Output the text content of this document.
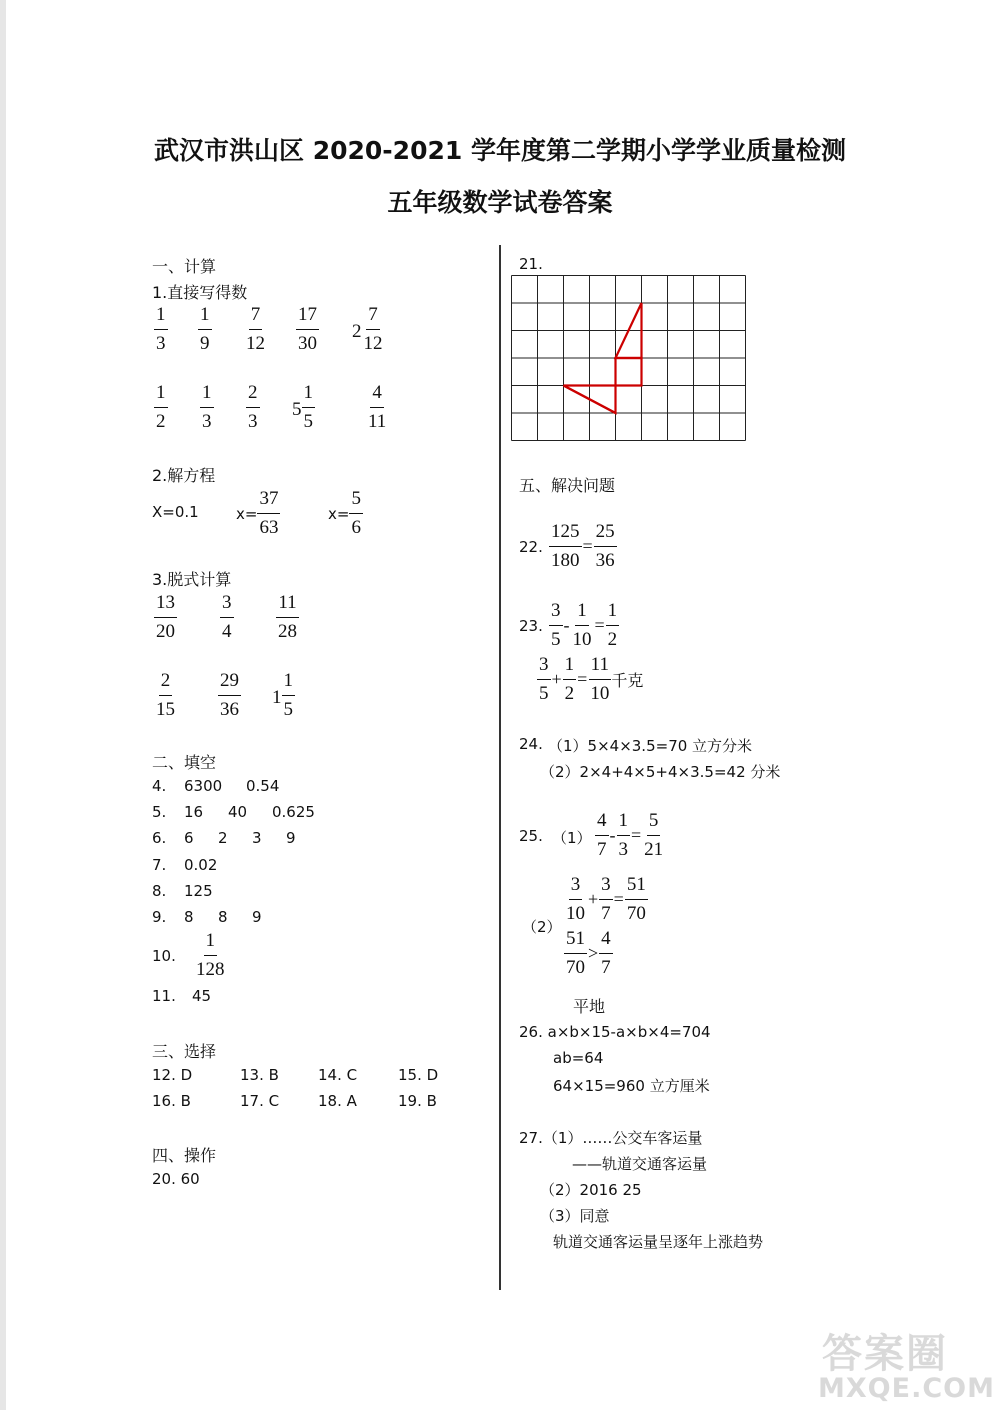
武汉市洪山区 2020-2021 学年度第二学期小学学业质量检测
五年级数学试卷答案
一、计算
1.直接写得数
$\frac{1}{3} \frac{1}{9} \frac{7}{12} \frac{17}{30} 2 \frac{7}{12}$
$\frac{1}{2} \frac{1}{3} \frac{2}{3} 5 \frac{1}{5}$	$\frac{4}{11}$
2.解方程
X=0.1 $x= \frac{37}{63}$	$x= \frac{5}{6}$
3.脱式计算
$\frac{13}{20} \frac{3}{4} \frac{11}{28}$
$\frac{2}{15} \frac{29}{36} 1 \frac{1}{5}$
二、填空
4. 6300 0.54
5. 16 40 0.625
6. 6 2 3 9
7. 0.02
8. 125
9. 8 8 9
10. $\frac{1}{128}$
11. 45
三、选择
12. D	13. B	14. C	15. D
16. B	17. C	18. A	19. B
四、操作
20. 60
21.
五、解决问题
22. $\frac{125}{180} = \frac{25}{36}$
23. $\frac{3}{5} - \frac{1}{10} = \frac{1}{2}$
$\frac{3}{5} + \frac{1}{2} = \frac{11}{10}$ 千克
24. （1）5×4×3.5=70 立方分米
（2）2×4+4×5+4×3.5=42 分米
25. $(1) \frac{4}{7} - \frac{1}{3} = \frac{5}{21}$
$\frac{3}{10} + \frac{3}{7} = \frac{51}{70}$
（2）
$\frac{51}{70} > \frac{4}{7}$
平地
26. a×b×15-a×b×4=704
ab=64
64×15=960 立方厘米
27.（1）……公交车客运量
——轨道交通客运量
（2）2016 25
（3）同意
轨道交通客运量呈逐年上涨趋势
答案圈
MXQE.COM
